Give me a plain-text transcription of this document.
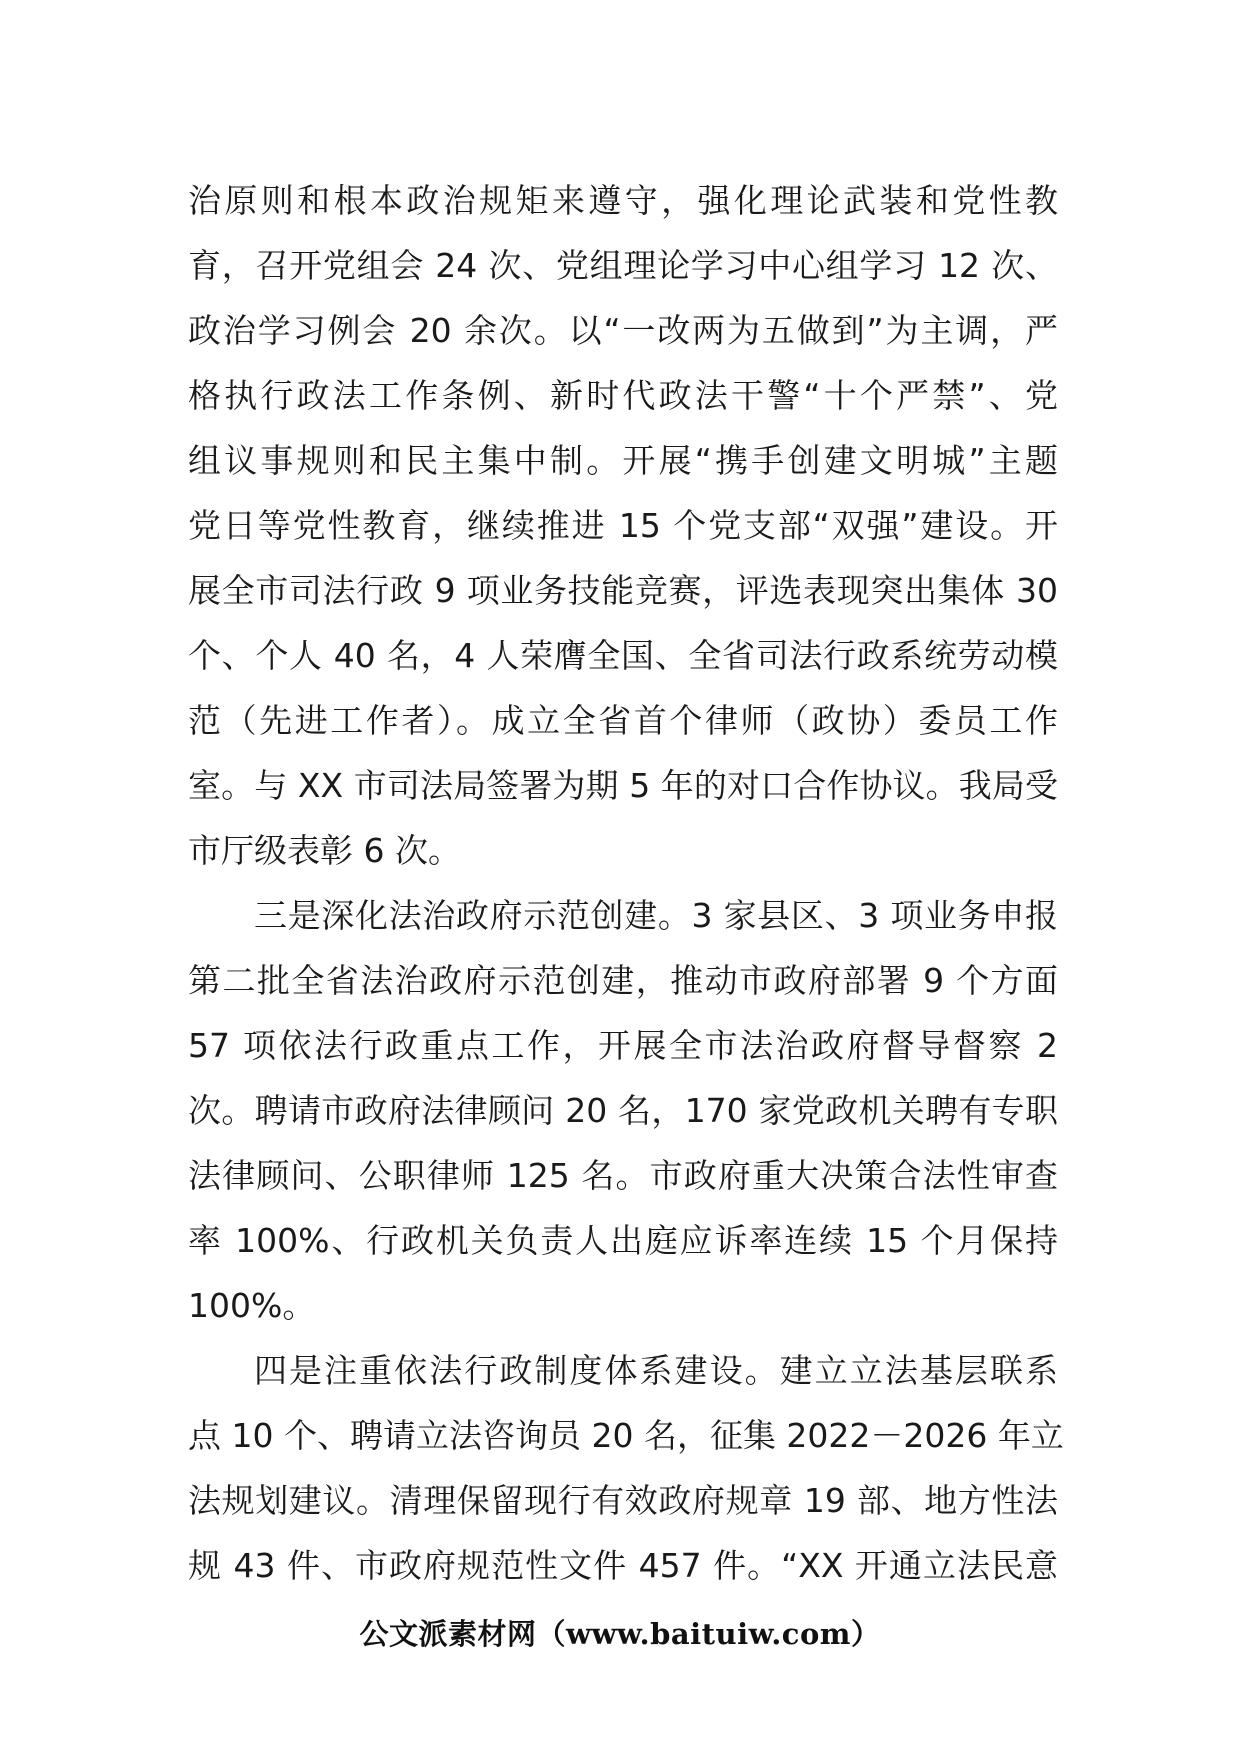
治原则和根本政治规矩来遵守，强化理论武装和党性教
育，召开党组会 24 次、党组理论学习中心组学习 12 次、
政治学习例会 20 余次。以“一改两为五做到”为主调，严
格执行政法工作条例、新时代政法干警“十个严禁”、党
组议事规则和民主集中制。开展“携手创建文明城”主题
党日等党性教育，继续推进 15 个党支部“双强”建设。开
展全市司法行政 9 项业务技能竞赛，评选表现突出集体 30
个、个人 40 名，4 人荣膺全国、全省司法行政系统劳动模
范（先进工作者）。成立全省首个律师（政协）委员工作
室。与 XX 市司法局签署为期 5 年的对口合作协议。我局受
市厅级表彰 6 次。
三是深化法治政府示范创建。3 家县区、3 项业务申报
第二批全省法治政府示范创建，推动市政府部署 9 个方面
57 项依法行政重点工作，开展全市法治政府督导督察 2
次。聘请市政府法律顾问 20 名，170 家党政机关聘有专职
法律顾问、公职律师 125 名。市政府重大决策合法性审查
率 100%、行政机关负责人出庭应诉率连续 15 个月保持
100%。
四是注重依法行政制度体系建设。建立立法基层联系
点 10 个、聘请立法咨询员 20 名，征集 2022－2026 年立
法规划建议。清理保留现行有效政府规章 19 部、地方性法
规 43 件、市政府规范性文件 457 件。“XX 开通立法民意
公文派素材网（www.baituiw.com）
